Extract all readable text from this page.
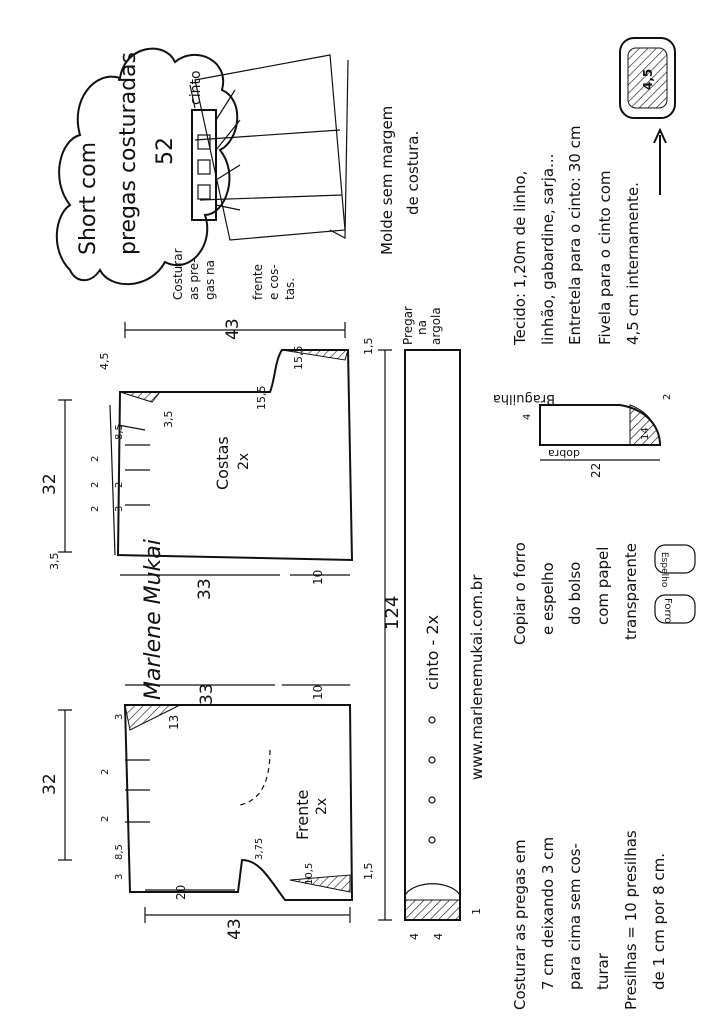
Short com pregas costuradas 52
cinto
Costurar as pre- gas na	frente e cos- tas.
Molde sem margem de costura.	Tecido: 1,20m de linho, linhão, gabardine, sarja... Entretela para o cinto: 30 cm Fivela para o cinto com 4,5 cm internamente.
4,5
43
32
33
Costas 2x
4,5
1,5
15,5
15,5
3,5
8,5
2
2 2
2 3
10
3,5	Marlene Mukai 33
32
43
Frente 2x
13
10
3,75
8,5
2
2
3
3
20
1,5
10,5
124
cinto - 2x
Pregar na argola
4 4
1
www.marlenemukai.com.br
Braguilha
dobra
4
2
22
14
Copiar o forro e espelho do bolso com papel transparente Espelho
Forro
Costurar as pregas em 7 cm deixando 3 cm para cima sem cos- turar Presilhas = 10 presilhas de 1 cm por 8 cm.
